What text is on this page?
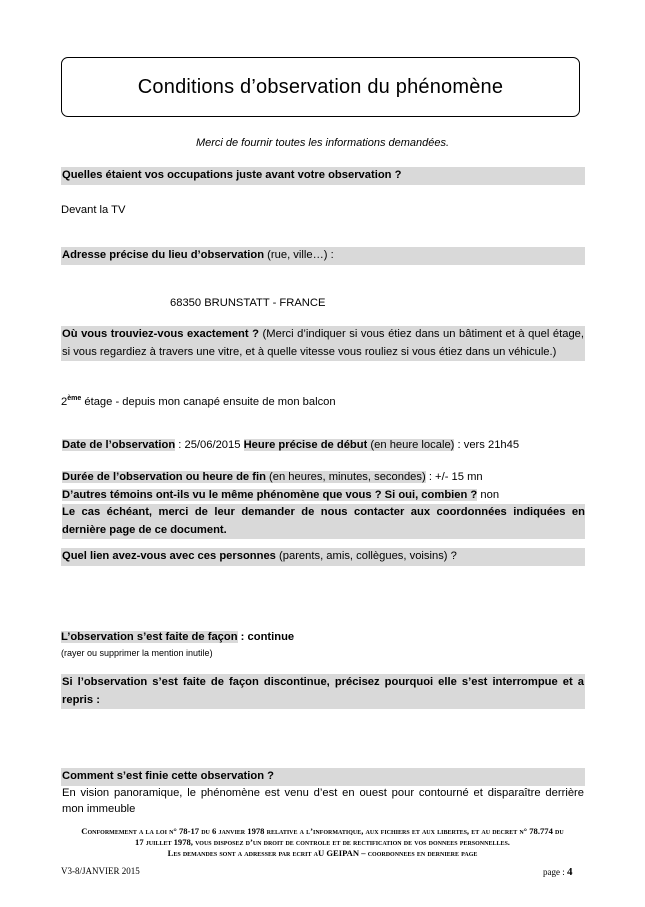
Conditions d’observation du phénomène
Merci de fournir toutes les informations demandées.
Quelles étaient vos occupations juste avant votre observation ?
Devant la TV
Adresse précise du lieu d’observation (rue, ville…) :
68350 BRUNSTATT - FRANCE
Où vous trouviez-vous exactement ? (Merci d’indiquer si vous étiez dans un bâtiment et à quel étage, si vous regardiez à travers une vitre, et à quelle vitesse vous rouliez si vous étiez dans un véhicule.)
2ème étage - depuis mon canapé ensuite de mon balcon
Date de l’observation : 25/06/2015 Heure précise de début (en heure locale) : vers 21h45
Durée de l’observation ou heure de fin (en heures, minutes, secondes) : +/- 15 mn
D’autres témoins ont-ils vu le même phénomène que vous ? Si oui, combien ? non
Le cas échéant, merci de leur demander de nous contacter aux coordonnées indiquées en dernière page de ce document.
Quel lien avez-vous avec ces personnes (parents, amis, collègues, voisins) ?
L’observation s’est faite de façon : continue
(rayer ou supprimer la mention inutile)
Si l’observation s’est faite de façon discontinue, précisez pourquoi elle s’est interrompue et a repris :
Comment s’est finie cette observation ?
En vision panoramique, le phénomène est venu d’est en ouest pour contourné et disparaître derrière mon immeuble
Conformement a la loi n° 78-17 du 6 janvier 1978 relative a l’informatique, aux fichiers et aux libertes, et au decret n° 78.774 du
17 juillet 1978, vous disposez d’un droit de controle et de rectification de vos donnees personnelles.
Les demandes sont a adresser par ecrit aU GEIPAN – coordonnees en derniere page
V3-8/JANVIER 2015	page : 4
